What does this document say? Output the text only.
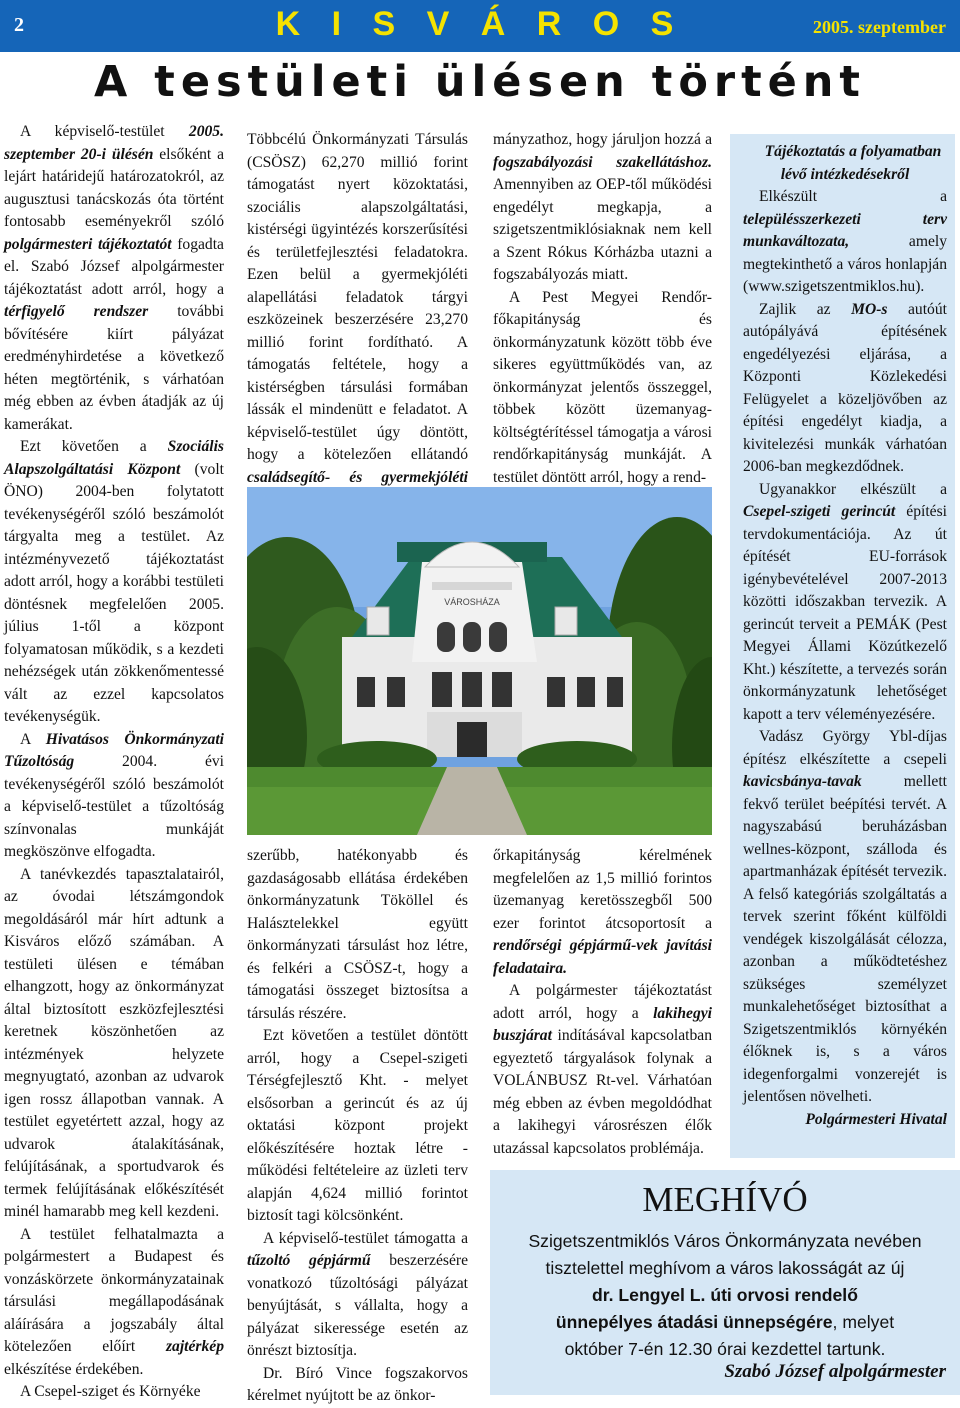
2	K I S V Á R O S	2005. szeptember
A testületi ülésen történt

A képviselő-testület 2005. szeptember 20-i ülésén elsőként a lejárt határidejű határozatokról, az augusztusi tanácskozás óta történt fontosabb eseményekről szóló polgármesteri tájékoztatót fogadta el. Szabó József alpolgármester tájékoztatást adott arról, hogy a térfigyelő rendszer további bővítésére kiírt pályázat eredményhirdetése a következő héten megtörténik, s várhatóan még ebben az évben átadják az új kamerákat.

Ezt követően a Szociális Alapszolgáltatási Központ (volt ÖNO) 2004-ben folytatott tevékenységéről szóló beszámolót tárgyalta meg a testület. Az intézményvezető tájékoztatást adott arról, hogy a korábbi testületi döntésnek megfelelően 2005. július 1-től a központ folyamatosan működik, s a kezdeti nehézségek után zökkenőmentessé vált az ezzel kapcsolatos tevékenységük.

A Hivatásos Önkormányzati Tűzoltóság 2004. évi tevékenységéről szóló beszámolót a képviselő-testület a tűzoltóság színvonalas munkáját megköszönve elfogadta.

A tanévkezdés tapasztalatairól, az óvodai létszámgondok megoldásáról már hírt adtunk a Kisváros előző számában. A testületi ülésen e témában elhangzott, hogy az önkormányzat által biztosított eszközfejlesztési keretnek köszönhetően az intézmények helyzete megnyugtató, azonban az udvarok igen rossz állapotban vannak. A testület egyetértett azzal, hogy az udvarok átalakításának, felújításának, a sportudvarok és termek felújításának előkészítését minél hamarabb meg kell kezdeni.

A testület felhatalmazta a polgármestert a Budapest és vonzáskörzete önkormányzatainak társulási megállapodásának aláírására a jogszabály által kötelezően előírt zajtérkép elkészítése érdekében.

A Csepel-sziget és Környéke

Többcélú Önkormányzati Társulás (CSÖSZ) 62,270 millió forint támogatást nyert közoktatási, szociális alapszolgáltatási, kistérségi ügyintézés korszerűsítési és területfejlesztési feladatokra. Ezen belül a gyermekjóléti alapellátási feladatok tárgyi eszközeinek beszerzésére 23,270 millió forint fordítható. A támogatás feltétele, hogy a kistérségben társulási formában lássák el mindenütt e feladatot. A képviselő-testület úgy döntött, hogy a kötelezően ellátandó családsegítő- és gyermekjóléti

mányzathoz, hogy járuljon hozzá a fogszabályozási szakellátáshoz. Amennyiben az OEP-től működési engedélyt megkapja, a szigetszentmiklósiaknak nem kell a Szent Rókus Kórházba utazni a fogszabályozás miatt.

A Pest Megyei Rendőr-főkapitányság és önkormányzatunk között több éve sikeres együttműködés van, az önkormányzat jelentős összeggel, többek között üzemanyag-költségtérítéssel támogatja a városi rendőrkapitányság munkáját. A testület döntött arról, hogy a rend-

VÁROSHÁZA

szerűbb, hatékonyabb és gazdaságosabb ellátása érdekében önkormányzatunk Tököllel és Halásztelekkel együtt önkormányzati társulást hoz létre, és felkéri a CSÖSZ-t, hogy a támogatási összeget biztosítsa a társulás részére.

Ezt követően a testület döntött arról, hogy a Csepel-szigeti Térségfejlesztő Kht. - melyet elsősorban a gerincút és az új oktatási központ projekt előkészítésére hoztak létre - működési feltételeire az üzleti terv alapján 4,624 millió forintot biztosít tagi kölcsönként.

A képviselő-testület támogatta a tűzoltó gépjármű beszerzésére vonatkozó tűzoltósági pályázat benyújtását, s vállalta, hogy a pályázat sikeressége esetén az önrészt biztosítja.

Dr. Bíró Vince fogszakorvos kérelmet nyújtott be az önkor-

őrkapitányság kérelmének megfelelően az 1,5 millió forintos üzemanyag keretösszegből 500 ezer forintot átcsoportosít a rendőrségi gépjármű-vek javítási feladataira.

A polgármester tájékoztatást adott arról, hogy a lakihegyi buszjárat indításával kapcsolatban egyeztető tárgyalások folynak a VOLÁNBUSZ Rt-vel. Várhatóan még ebben az évben megoldódhat a lakihegyi városrészen élők utazással kapcsolatos problémája.

Tájékoztatás a folyamatban lévő intézkedésekről

Elkészült a településszerkezeti terv munkaváltozata, amely megtekinthető a város honlapján (www.szigetszentmiklos.hu).

Zajlik az MO-s autóút autópályává építésének engedélyezési eljárása, a Központi Közlekedési Felügyelet a közeljövőben az építési engedélyt kiadja, a kivitelezési munkák várhatóan 2006-ban megkezdődnek.

Ugyanakkor elkészült a Csepel-szigeti gerincút építési tervdokumentációja. Az út építését EU-források igénybevételével 2007-2013 közötti időszakban tervezik. A gerincút terveit a PEMÁK (Pest Megyei Állami Közútkezelő Kht.) készítette, a tervezés során önkormányzatunk lehetőséget kapott a terv véleményezésére.

Vadász György Ybl-díjas építész elkészítette a csepeli kavicsbánya-tavak mellett fekvő terület beépítési tervét. A nagyszabású beruházásban wellnes-központ, szálloda és apartmanházak építését tervezik. A felső kategóriás szolgáltatás a tervek szerint főként külföldi vendégek kiszolgálását célozza, azonban a működtetéshez szükséges személyzet munkalehetőséget biztosíthat a Szigetszentmiklós környékén élőknek is, s a város idegenforgalmi vonzerejét is jelentősen növelheti.

Polgármesteri Hivatal

MEGHÍVÓ
Szigetszentmiklós Város Önkormányzata nevében
tisztelettel meghívom a város lakosságát az új
dr. Lengyel L. úti orvosi rendelő
ünnepélyes átadási ünnepségére, melyet
október 7-én 12.30 órai kezdettel tartunk.
Szabó József alpolgármester
